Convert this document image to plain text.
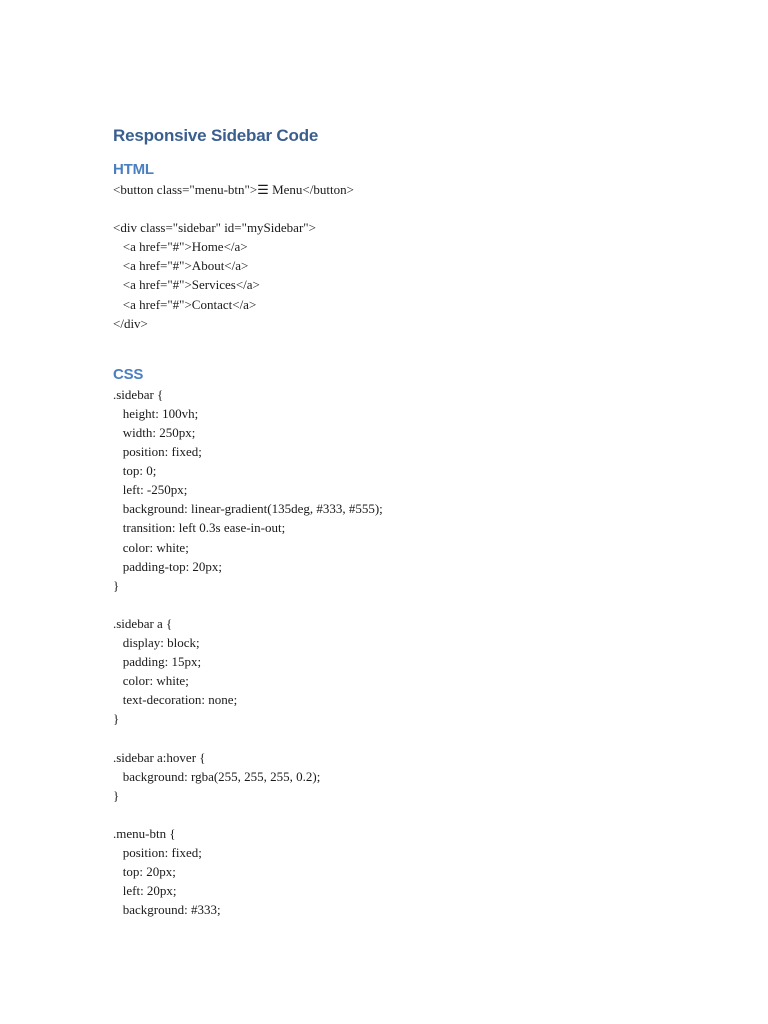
Responsive Sidebar Code
HTML
<button class="menu-btn">☰ Menu</button>

<div class="sidebar" id="mySidebar">
<a href="#">Home</a>
<a href="#">About</a>
<a href="#">Services</a>
<a href="#">Contact</a>
</div>
CSS
.sidebar {
height: 100vh;
width: 250px;
position: fixed;
top: 0;
left: -250px;
background: linear-gradient(135deg, #333, #555);
transition: left 0.3s ease-in-out;
color: white;
padding-top: 20px;
}

.sidebar a {
display: block;
padding: 15px;
color: white;
text-decoration: none;
}

.sidebar a:hover {
background: rgba(255, 255, 255, 0.2);
}

.menu-btn {
position: fixed;
top: 20px;
left: 20px;
background: #333;
